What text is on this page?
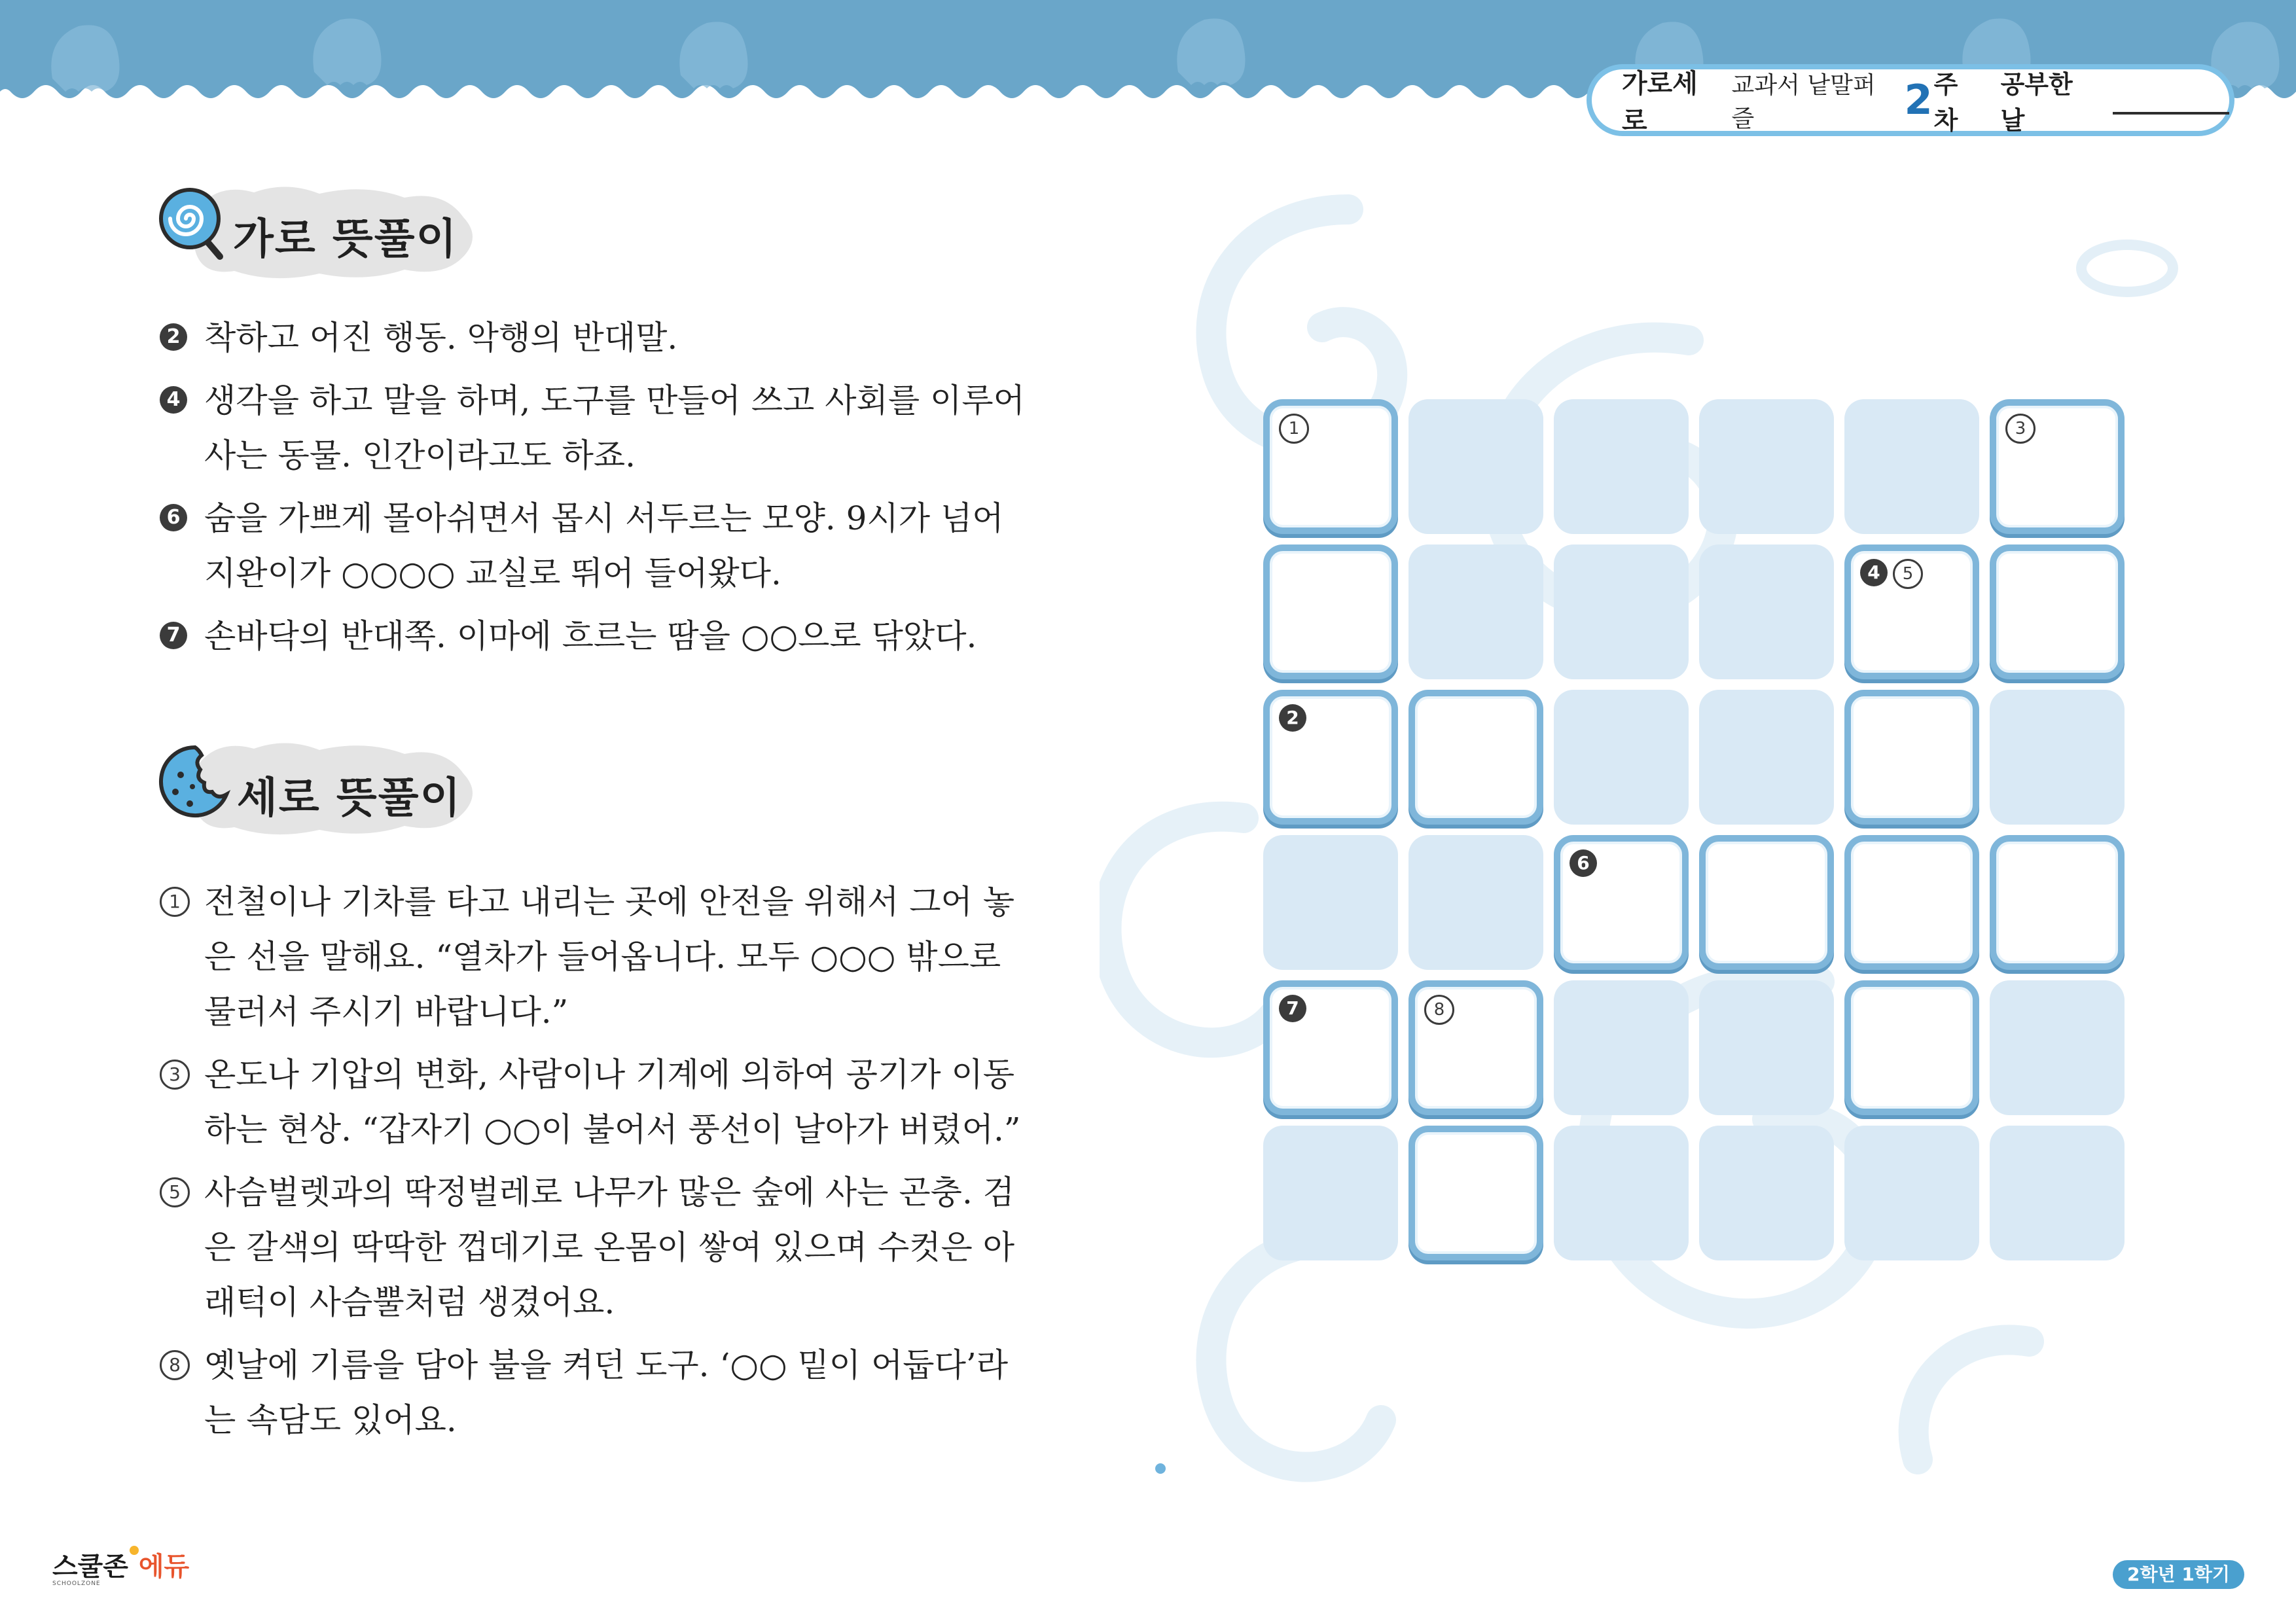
가로세로
교과서 낱말퍼즐	2 주차
공부한 날
가로 뜻풀이
2 착하고 어진 행동. 악행의 반대말.
4 생각을 하고 말을 하며, 도구를 만들어 쓰고 사회를 이루어 사는 동물. 인간이라고도 하죠.
6 숨을 가쁘게 몰아쉬면서 몹시 서두르는 모양. 9시가 넘어 지완이가 ○○○○ 교실로 뛰어 들어왔다.
7 손바닥의 반대쪽. 이마에 흐르는 땀을 ○○으로 닦았다.
세로 뜻풀이
1 전철이나 기차를 타고 내리는 곳에 안전을 위해서 그어 놓은 선을 말해요. “열차가 들어옵니다. 모두 ○○○ 밖으로 물러서 주시기 바랍니다.”
3 온도나 기압의 변화, 사람이나 기계에 의하여 공기가 이동하는 현상. “갑자기 ○○이 불어서 풍선이 날아가 버렸어.”
5 사슴벌렛과의 딱정벌레로 나무가 많은 숲에 사는 곤충. 검은 갈색의 딱딱한 껍데기로 온몸이 쌓여 있으며 수컷은 아래턱이 사슴뿔처럼 생겼어요.
8 옛날에 기름을 담아 불을 켜던 도구. ‘○○ 밑이 어둡다’라는 속담도 있어요.
1	3
4	5
2
6
7	8
스쿨존 에듀
SCHOOLZONE	2학년 1학기
